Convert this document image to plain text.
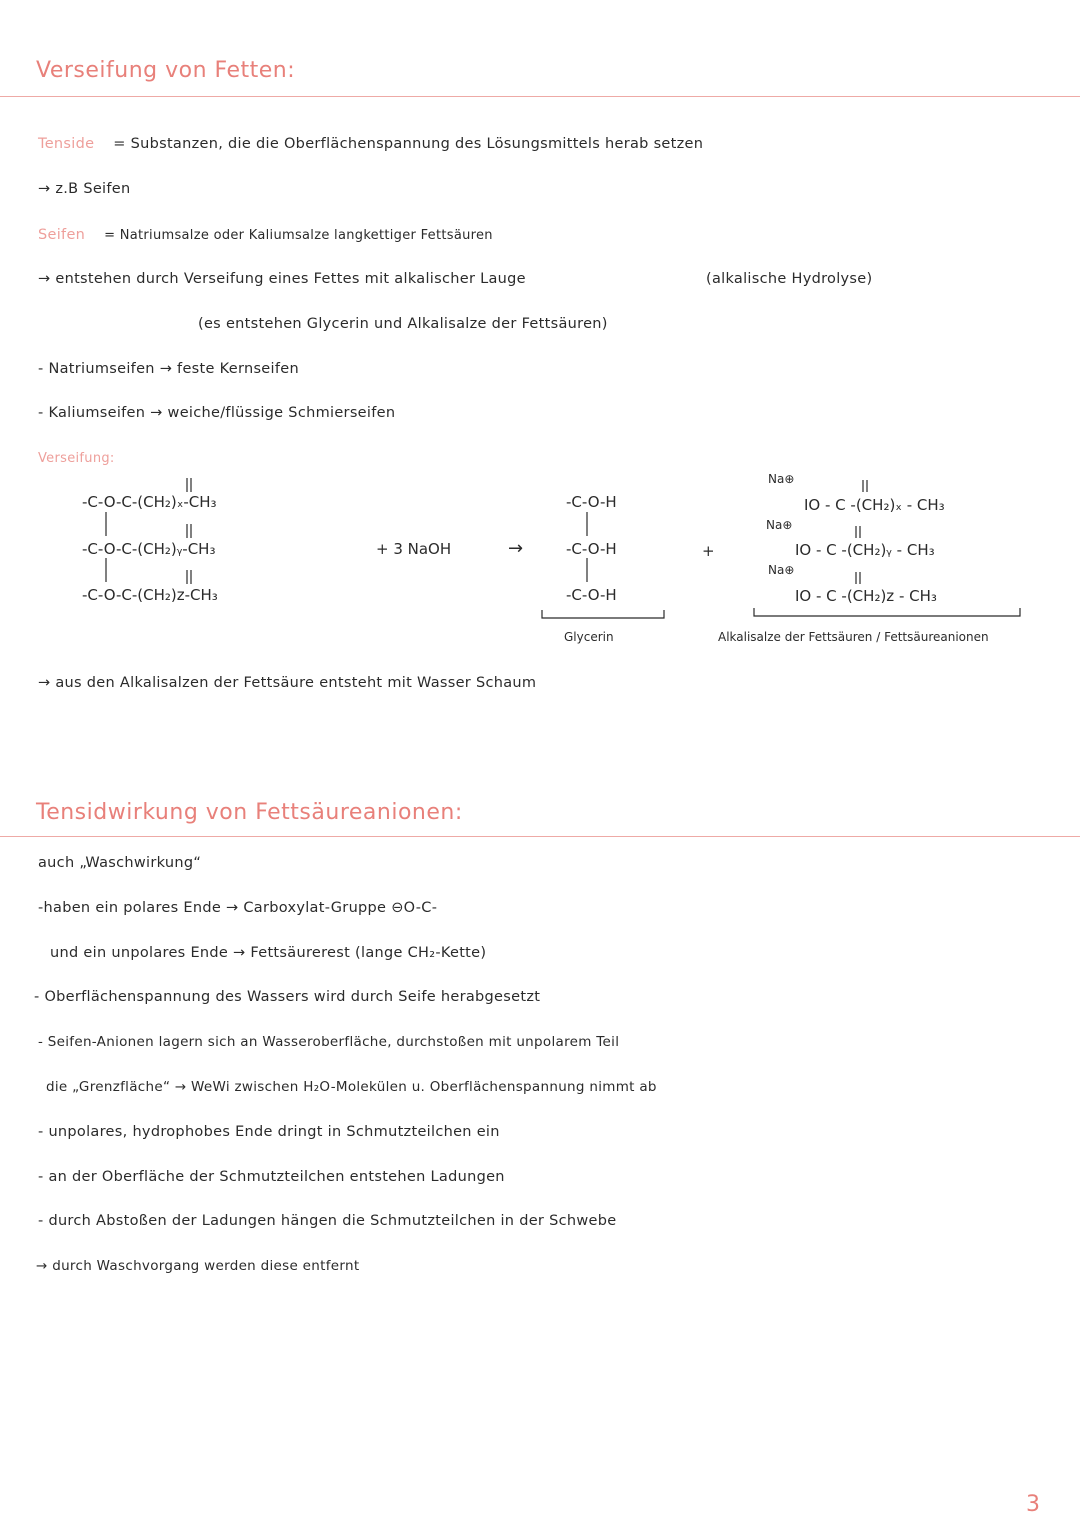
Verseifung von Fetten:
Tenside = Substanzen, die die Oberflächenspannung des Lösungsmittels herab setzen
→ z.B Seifen
Seifen = Natriumsalze oder Kaliumsalze langkettiger Fettsäuren
→ entstehen durch Verseifung eines Fettes mit alkalischer Lauge	(alkalische Hydrolyse)
(es entstehen Glycerin und Alkalisalze der Fettsäuren)
- Natriumseifen → feste Kernseifen
- Kaliumseifen → weiche/flüssige Schmierseifen
Verseifung:
-C-O-C-(CH₂)ₓ-CH₃
-C-O-C-(CH₂)ᵧ-CH₃
-C-O-C-(CH₂)z-CH₃
+ 3 NaOH	→
-C-O-H
-C-O-H
-C-O-H
Glycerin
+
Na⊕
Na⊕
Na⊕
IO - C -(CH₂)ₓ - CH₃
IO - C -(CH₂)ᵧ - CH₃
IO - C -(CH₂)z - CH₃
Alkalisalze der Fettsäuren / Fettsäureanionen
→ aus den Alkalisalzen der Fettsäure entsteht mit Wasser Schaum
Tensidwirkung von Fettsäureanionen:
auch „Waschwirkung“
-haben ein polares Ende → Carboxylat-Gruppe ⊖O-C-
und ein unpolares Ende → Fettsäurerest (lange CH₂-Kette)
- Oberflächenspannung des Wassers wird durch Seife herabgesetzt
- Seifen-Anionen lagern sich an Wasseroberfläche, durchstoßen mit unpolarem Teil
die „Grenzfläche“ → WeWi zwischen H₂O-Molekülen u. Oberflächenspannung nimmt ab
- unpolares, hydrophobes Ende dringt in Schmutzteilchen ein
- an der Oberfläche der Schmutzteilchen entstehen Ladungen
- durch Abstoßen der Ladungen hängen die Schmutzteilchen in der Schwebe
→ durch Waschvorgang werden diese entfernt
3
